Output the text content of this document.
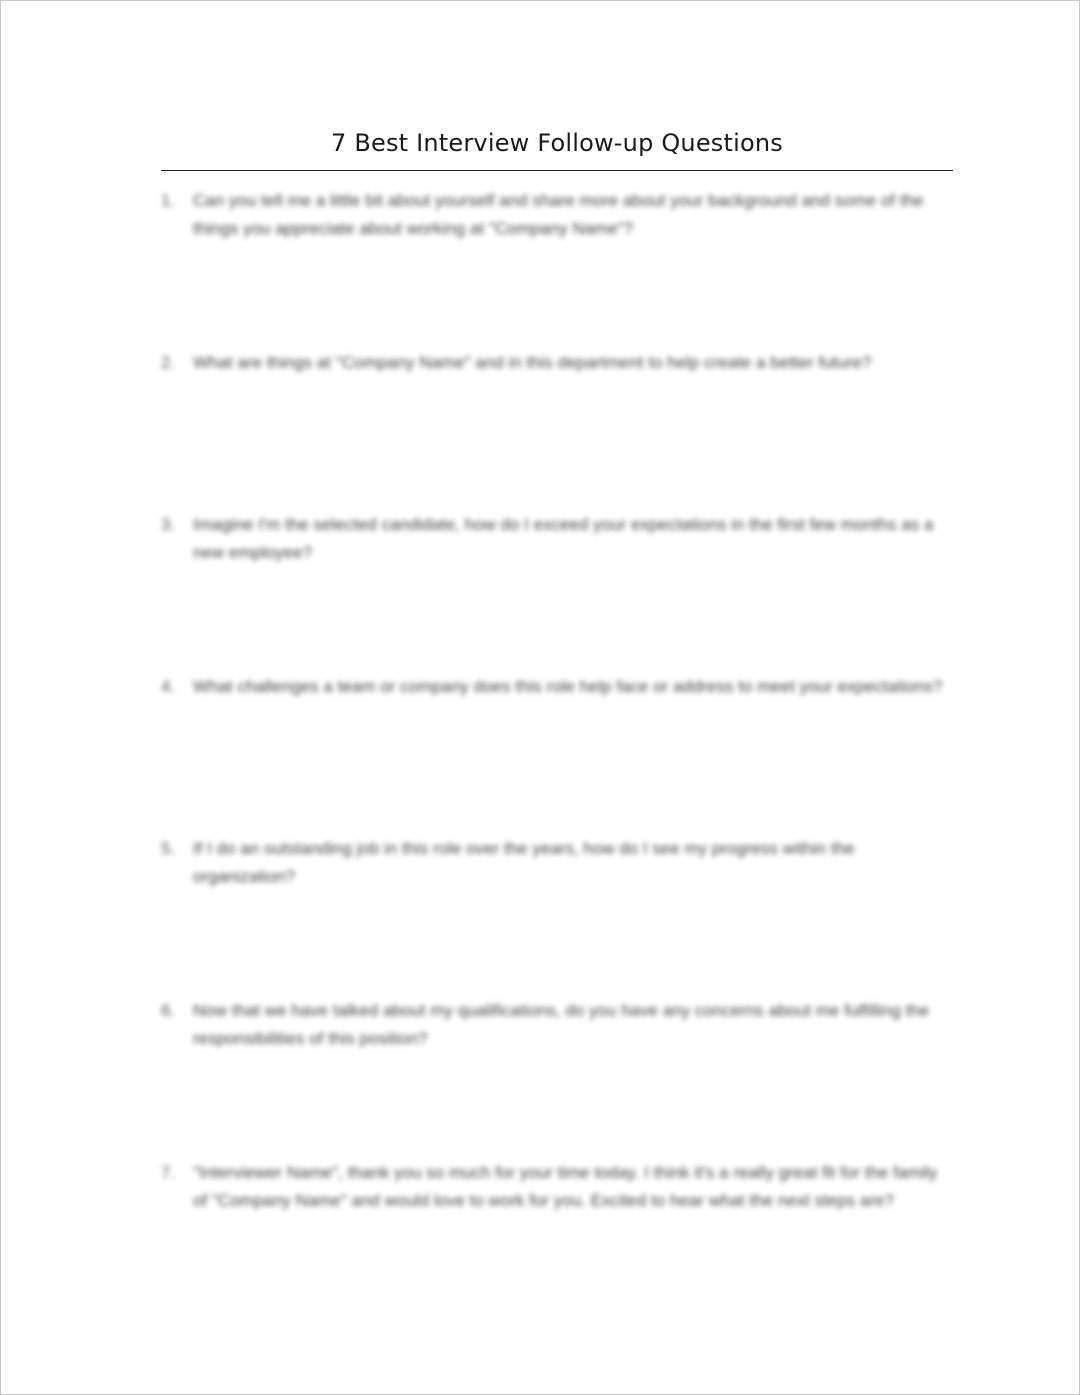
7 Best Interview Follow-up Questions
1. Can you tell me a little bit about yourself and share more about your background and some of the things you appreciate about working at "Company Name"?
2. What are things at "Company Name" and in this department to help create a better future?
3. Imagine I'm the selected candidate, how do I exceed your expectations in the first few months as a new employee?
4. What challenges a team or company does this role help face or address to meet your expectations?
5. If I do an outstanding job in this role over the years, how do I see my progress within the organization?
6. Now that we have talked about my qualifications, do you have any concerns about me fulfilling the responsibilities of this position?
7. "Interviewer Name", thank you so much for your time today. I think it's a really great fit for the family of "Company Name" and would love to work for you. Excited to hear what the next steps are?
